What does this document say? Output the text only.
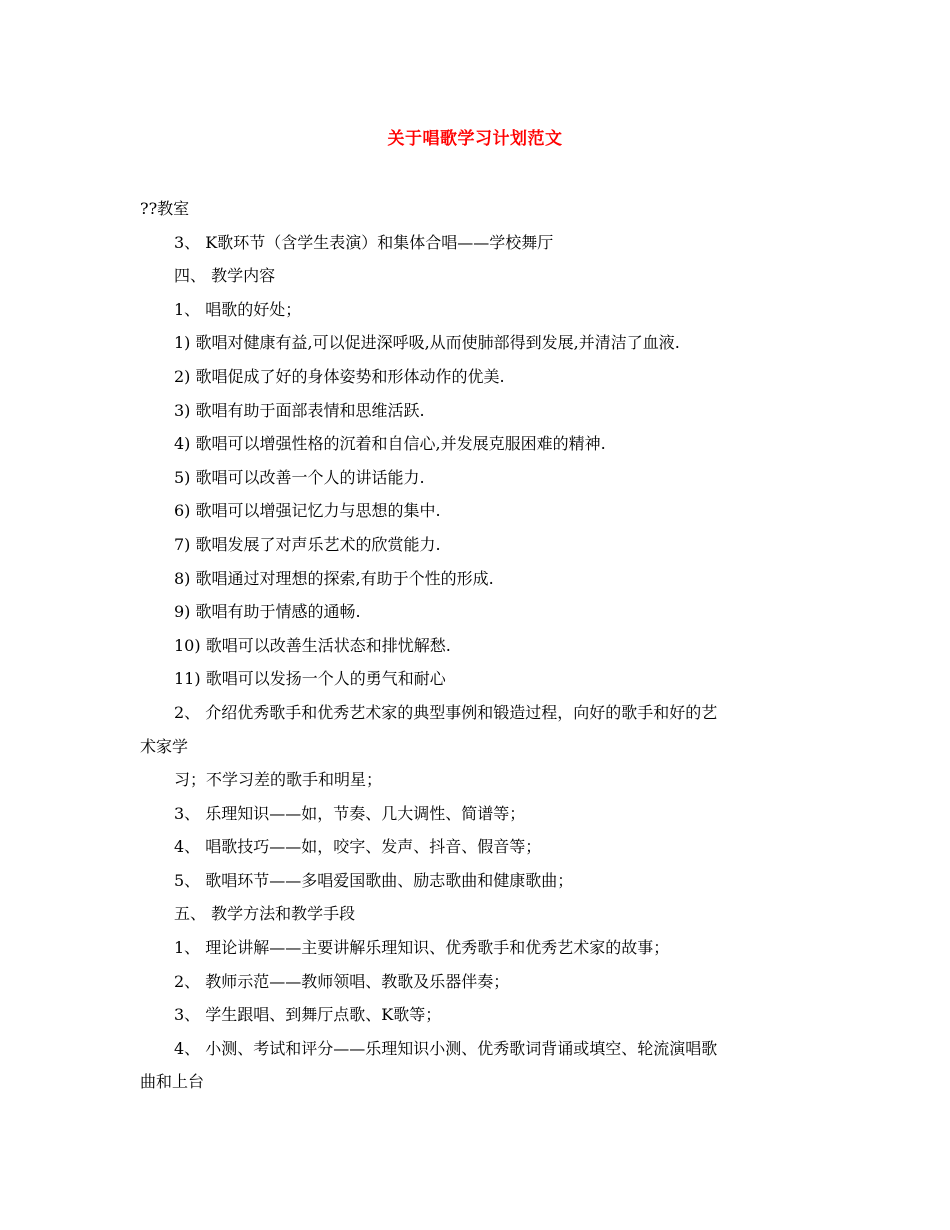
关于唱歌学习计划范文
??教室
3、 K歌环节（含学生表演）和集体合唱——学校舞厅
四、 教学内容
1、 唱歌的好处；
1) 歌唱对健康有益,可以促进深呼吸,从而使肺部得到发展,并清洁了血液.
2) 歌唱促成了好的身体姿势和形体动作的优美.
3) 歌唱有助于面部表情和思维活跃.
4) 歌唱可以增强性格的沉着和自信心,并发展克服困难的精神.
5) 歌唱可以改善一个人的讲话能力.
6) 歌唱可以增强记忆力与思想的集中.
7) 歌唱发展了对声乐艺术的欣赏能力.
8) 歌唱通过对理想的探索,有助于个性的形成.
9) 歌唱有助于情感的通畅.
10) 歌唱可以改善生活状态和排忧解愁.
11) 歌唱可以发扬一个人的勇气和耐心
2、 介绍优秀歌手和优秀艺术家的典型事例和锻造过程，向好的歌手和好的艺
术家学
习；不学习差的歌手和明星；
3、 乐理知识——如，节奏、几大调性、简谱等；
4、 唱歌技巧——如，咬字、发声、抖音、假音等；
5、 歌唱环节——多唱爱国歌曲、励志歌曲和健康歌曲；
五、 教学方法和教学手段
1、 理论讲解——主要讲解乐理知识、优秀歌手和优秀艺术家的故事；
2、 教师示范——教师领唱、教歌及乐器伴奏；
3、 学生跟唱、到舞厅点歌、K歌等；
4、 小测、考试和评分——乐理知识小测、优秀歌词背诵或填空、轮流演唱歌
曲和上台
